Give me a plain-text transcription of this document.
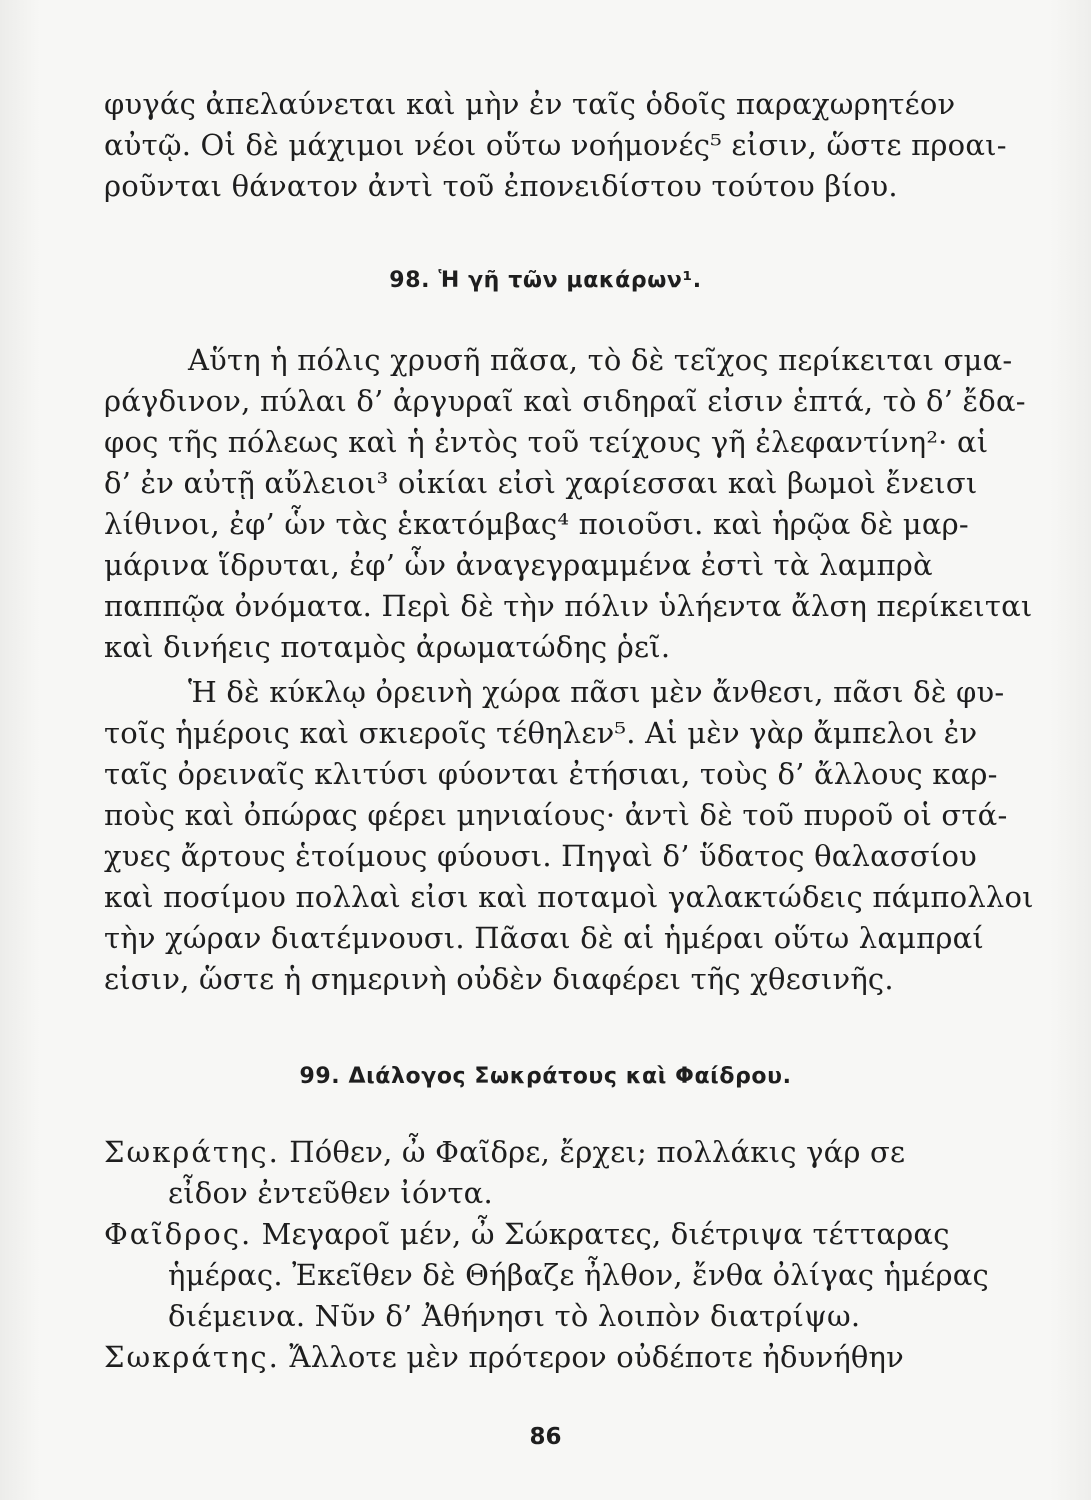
φυγάς ἀπελαύνεται καὶ μὴν ἐν ταῖς ὁδοῖς παραχωρητέον
αὐτῷ. Οἱ δὲ μάχιμοι νέοι οὕτω νοήμονές⁵ εἰσιν, ὥστε προαι-
ροῦνται θάνατον ἀντὶ τοῦ ἐπονειδίστου τούτου βίου.
98. Ἡ γῆ τῶν μακάρων¹.
Αὕτη ἡ πόλις χρυσῆ πᾶσα, τὸ δὲ τεῖχος περίκειται σμα-
ράγδινον, πύλαι δ’ ἀργυραῖ καὶ σιδηραῖ εἰσιν ἑπτά, τὸ δ’ ἔδα-
φος τῆς πόλεως καὶ ἡ ἐντὸς τοῦ τείχους γῆ ἐλεφαντίνη²· αἱ
δ’ ἐν αὐτῇ αὔλειοι³ οἰκίαι εἰσὶ χαρίεσσαι καὶ βωμοὶ ἔνεισι
λίθινοι, ἐφ’ ὧν τὰς ἑκατόμβας⁴ ποιοῦσι. καὶ ἡρῷα δὲ μαρ-
μάρινα ἵδρυται, ἐφ’ ὧν ἀναγεγραμμένα ἐστὶ τὰ λαμπρὰ
παππῷα ὀνόματα. Περὶ δὲ τὴν πόλιν ὑλήεντα ἄλση περίκειται
καὶ δινήεις ποταμὸς ἀρωματώδης ῥεῖ.
Ἡ δὲ κύκλῳ ὀρεινὴ χώρα πᾶσι μὲν ἄνθεσι, πᾶσι δὲ φυ-
τοῖς ἡμέροις καὶ σκιεροῖς τέθηλεν⁵. Αἱ μὲν γὰρ ἄμπελοι ἐν
ταῖς ὀρειναῖς κλιτύσι φύονται ἐτήσιαι, τοὺς δ’ ἄλλους καρ-
ποὺς καὶ ὀπώρας φέρει μηνιαίους· ἀντὶ δὲ τοῦ πυροῦ οἱ στά-
χυες ἄρτους ἑτοίμους φύουσι. Πηγαὶ δ’ ὕδατος θαλασσίου
καὶ ποσίμου πολλαὶ εἰσι καὶ ποταμοὶ γαλακτώδεις πάμπολλοι
τὴν χώραν διατέμνουσι. Πᾶσαι δὲ αἱ ἡμέραι οὕτω λαμπραί
εἰσιν, ὥστε ἡ σημερινὴ οὐδὲν διαφέρει τῆς χθεσινῆς.
99. Διάλογος Σωκράτους καὶ Φαίδρου.
Σωκράτης. Πόθεν, ὦ Φαῖδρε, ἔρχει; πολλάκις γάρ σε
εἶδον ἐντεῦθεν ἰόντα.
Φαῖδρος. Μεγαροῖ μέν, ὦ Σώκρατες, διέτριψα τέτταρας
ἡμέρας. Ἐκεῖθεν δὲ Θήβαζε ἦλθον, ἔνθα ὀλίγας ἡμέρας
διέμεινα. Νῦν δ’ Ἀθήνησι τὸ λοιπὸν διατρίψω.
Σωκράτης. Ἄλλοτε μὲν πρότερον οὐδέποτε ἠδυνήθην
86
